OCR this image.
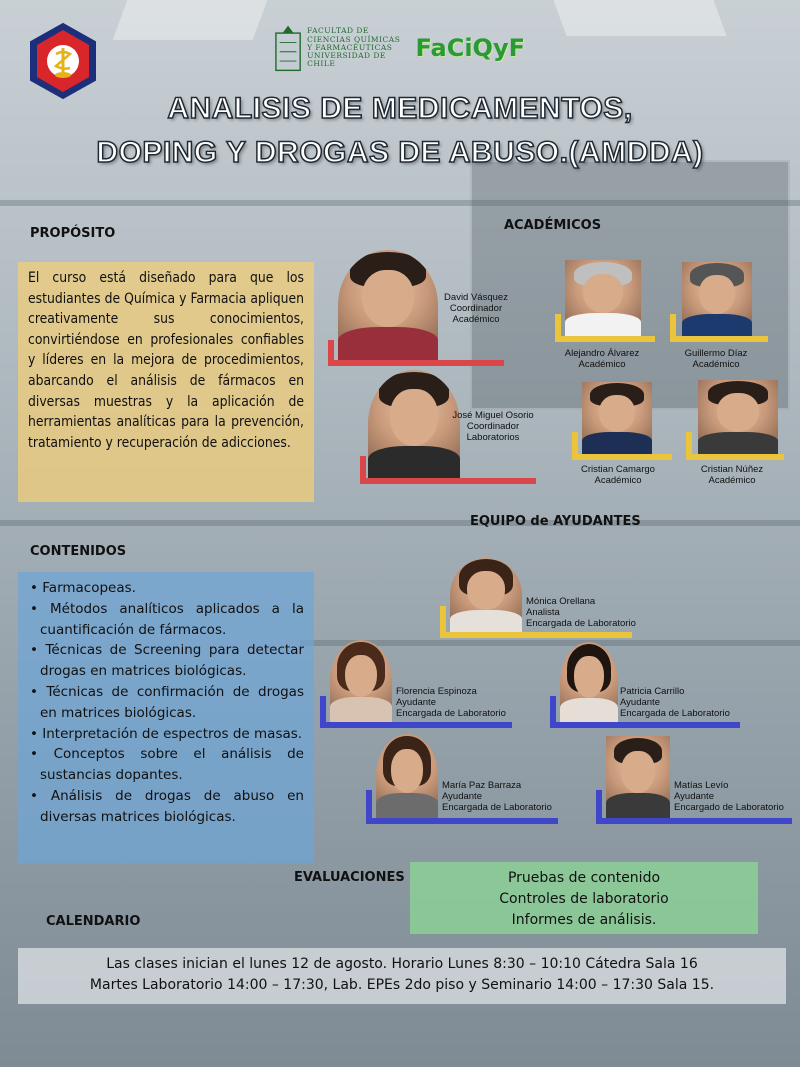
FACULTAD DE
CIENCIAS QUÍMICAS
Y FARMACÉUTICAS
UNIVERSIDAD DE CHILE
FaCiQyF
ANALISIS DE MEDICAMENTOS,
DOPING Y DROGAS DE ABUSO.(AMDDA)
PROPÓSITO

El curso está diseñado para que los estudiantes de Química y Farmacia apliquen creativamente sus conocimientos, convirtiéndose en profesionales confiables y líderes en la mejora de procedimientos, abarcando el análisis de fármacos en diversas muestras y la aplicación de herramientas analíticas para la prevención, tratamiento y recuperación de adicciones.

CONTENIDOS
• Farmacopeas.
• Métodos analíticos aplicados a la cuantificación de fármacos.
• Técnicas de Screening para detectar drogas en matrices biológicas.
• Técnicas de confirmación de drogas en matrices biológicas.
• Interpretación de espectros de masas.
• Conceptos sobre el análisis de sustancias dopantes.
• Análisis de drogas de abuso en diversas matrices biológicas.
ACADÉMICOS
David Vásquez
Coordinador
Académico
Alejandro Álvarez
Académico
Guillermo Díaz
Académico
José Miguel Osorio
Coordinador
Laboratorios
Cristian Camargo
Académico
Cristian Núñez
Académico
EQUIPO de AYUDANTES
Mónica Orellana
Analista
Encargada de Laboratorio
Florencia Espinoza
Ayudante
Encargada de Laboratorio
Patricia Carrillo
Ayudante
Encargada de Laboratorio
María Paz Barraza
Ayudante
Encargada de Laboratorio
Matías Levío
Ayudante
Encargado de Laboratorio
EVALUACIONES	Pruebas de contenido
Controles de laboratorio
Informes de análisis.
CALENDARIO
Las clases inician el lunes 12 de agosto. Horario Lunes 8:30 – 10:10 Cátedra Sala 16
Martes Laboratorio 14:00 – 17:30, Lab. EPEs 2do piso y Seminario 14:00 – 17:30 Sala 15.
